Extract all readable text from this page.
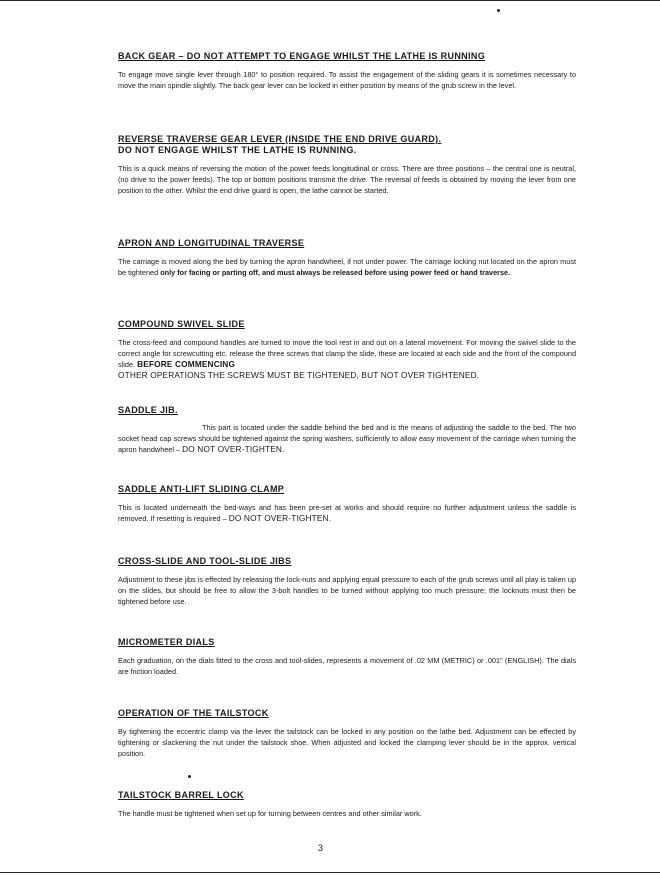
BACK GEAR – DO NOT ATTEMPT TO ENGAGE WHILST THE LATHE IS RUNNING

To engage move single lever through 180° to position required. To assist the engagement of the sliding gears it is sometimes necessary to move the main spindle slightly. The back gear lever can be locked in either position by means of the grub screw in the level.

REVERSE TRAVERSE GEAR LEVER (INSIDE THE END DRIVE GUARD).

DO NOT ENGAGE WHILST THE LATHE IS RUNNING.

This is a quick means of reversing the motion of the power feeds longitudinal or cross. There are three positions – the central one is neutral, (no drive to the power feeds). The top or bottom positions transmit the drive. The reversal of feeds is obtained by moving the lever from one position to the other. Whilst the end drive guard is open, the lathe cannot be started.

APRON AND LONGITUDINAL TRAVERSE

The carriage is moved along the bed by turning the apron handwheel, if not under power. The carriage locking nut located on the apron must be tightened only for facing or parting off, and must always be released before using power feed or hand traverse.

COMPOUND SWIVEL SLIDE

The cross-feed and compound handles are turned to move the tool rest in and out on a lateral movement. For moving the swivel slide to the correct angle for screwcutting etc. release the three screws that clamp the slide, these are located at each side and the front of the compound slide. BEFORE COMMENCING
OTHER OPERATIONS THE SCREWS MUST BE TIGHTENED, BUT NOT OVER TIGHTENED.

SADDLE JIB.

This part is located under the saddle behind the bed and is the means of adjusting the saddle to the bed. The two socket head cap screws should be tightened against the spring washers, sufficiently to allow easy movement of the carriage when turning the apron handwheel – DO NOT OVER-TIGHTEN.

SADDLE ANTI-LIFT SLIDING CLAMP

This is located underneath the bed-ways and has been pre-set at works and should require no further adjustment unless the saddle is removed. If resetting is required – DO NOT OVER-TIGHTEN.

CROSS-SLIDE AND TOOL-SLIDE JIBS

Adjustment to these jibs is effected by releasing the lock-nuts and applying equal pressure to each of the grub screws until all play is taken up on the slides, but should be free to allow the 3-bolt handles to be turned without applying too much pressure; the locknuts must then be tightened before use.

MICROMETER DIALS

Each graduation, on the dials fitted to the cross and tool-slides, represents a movement of .02 MM (METRIC) or .001" (ENGLISH). The dials are friction loaded.

OPERATION OF THE TAILSTOCK

By tightening the eccentric clamp via the lever the tailstock can be locked in any position on the lathe bed. Adjustment can be effected by tightening or slackening the nut under the tailstock shoe. When adjusted and locked the clamping lever should be in the approx. vertical position.

TAILSTOCK BARREL LOCK

The handle must be tightened when set up for turning between centres and other similar work.

3
